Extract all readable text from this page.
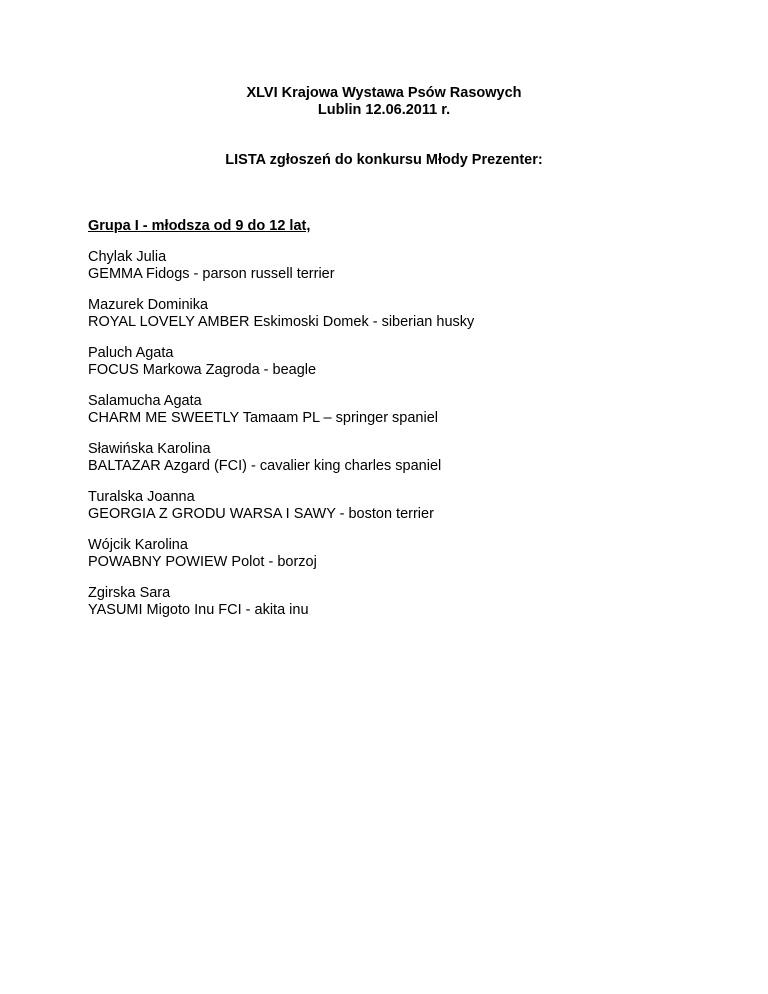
XLVI Krajowa Wystawa Psów Rasowych

Lublin 12.06.2011 r.

LISTA zgłoszeń do konkursu Młody Prezenter:

Grupa I - młodsza od 9 do 12 lat,

Chylak Julia

GEMMA Fidogs - parson russell terrier

Mazurek Dominika

ROYAL LOVELY AMBER Eskimoski Domek - siberian husky

Paluch Agata

FOCUS Markowa Zagroda - beagle

Salamucha Agata

CHARM ME SWEETLY Tamaam PL – springer spaniel

Sławińska Karolina

BALTAZAR Azgard (FCI) - cavalier king charles spaniel

Turalska Joanna

GEORGIA Z GRODU WARSA I SAWY - boston terrier

Wójcik Karolina

POWABNY POWIEW Polot - borzoj

Zgirska Sara

YASUMI Migoto Inu FCI - akita inu
